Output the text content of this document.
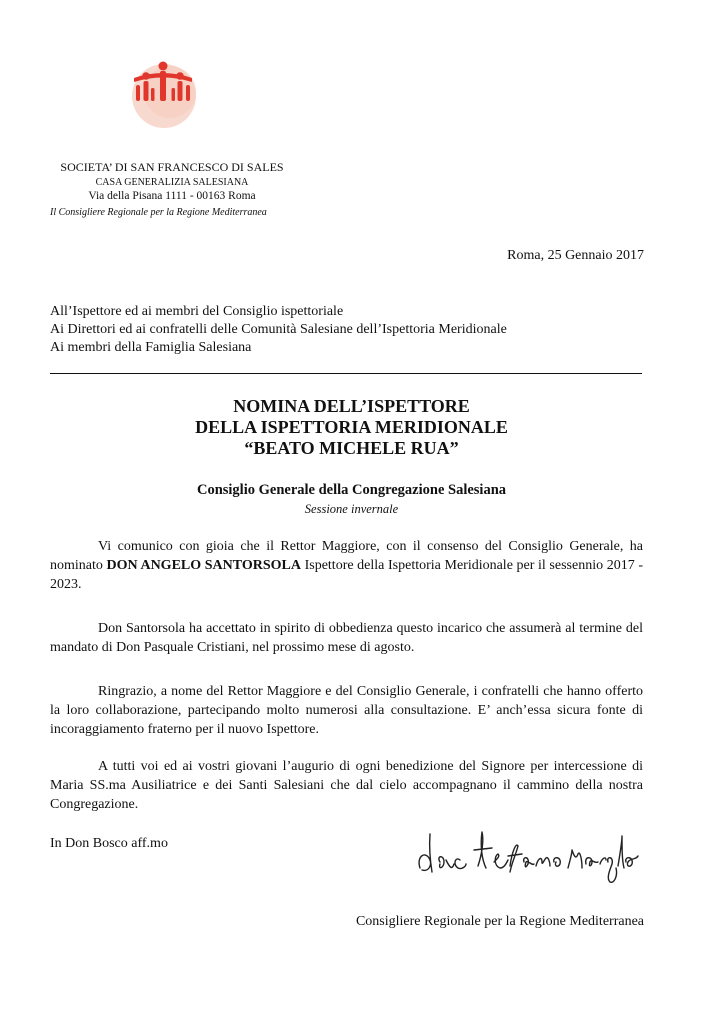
SOCIETA’ DI SAN FRANCESCO DI SALES
CASA GENERALIZIA SALESIANA
Via della Pisana 1111 - 00163 Roma
Il Consigliere Regionale per la Regione Mediterranea
Roma, 25 Gennaio 2017
All’Ispettore ed ai membri del Consiglio ispettoriale
Ai Direttori ed ai confratelli delle Comunità Salesiane dell’Ispettoria Meridionale
Ai membri della Famiglia Salesiana
NOMINA DELL’ISPETTORE
DELLA ISPETTORIA MERIDIONALE
“BEATO MICHELE RUA”
Consiglio Generale della Congregazione Salesiana
Sessione invernale

Vi comunico con gioia che il Rettor Maggiore, con il consenso del Consiglio Generale, ha nominato DON ANGELO SANTORSOLA Ispettore della Ispettoria Meridionale per il sessennio 2017 - 2023.

Don Santorsola ha accettato in spirito di obbedienza questo incarico che assumerà al termine del mandato di Don Pasquale Cristiani, nel prossimo mese di agosto.

Ringrazio, a nome del Rettor Maggiore e del Consiglio Generale, i confratelli che hanno offerto la loro collaborazione, partecipando molto numerosi alla consultazione. E’ anch’essa sicura fonte di incoraggiamento fraterno per il nuovo Ispettore.

A tutti voi ed ai vostri giovani l’augurio di ogni benedizione del Signore per intercessione di Maria SS.ma Ausiliatrice e dei Santi Salesiani che dal cielo accompagnano il cammino della nostra Congregazione.

In Don Bosco aff.mo
Consigliere Regionale per la Regione Mediterranea
